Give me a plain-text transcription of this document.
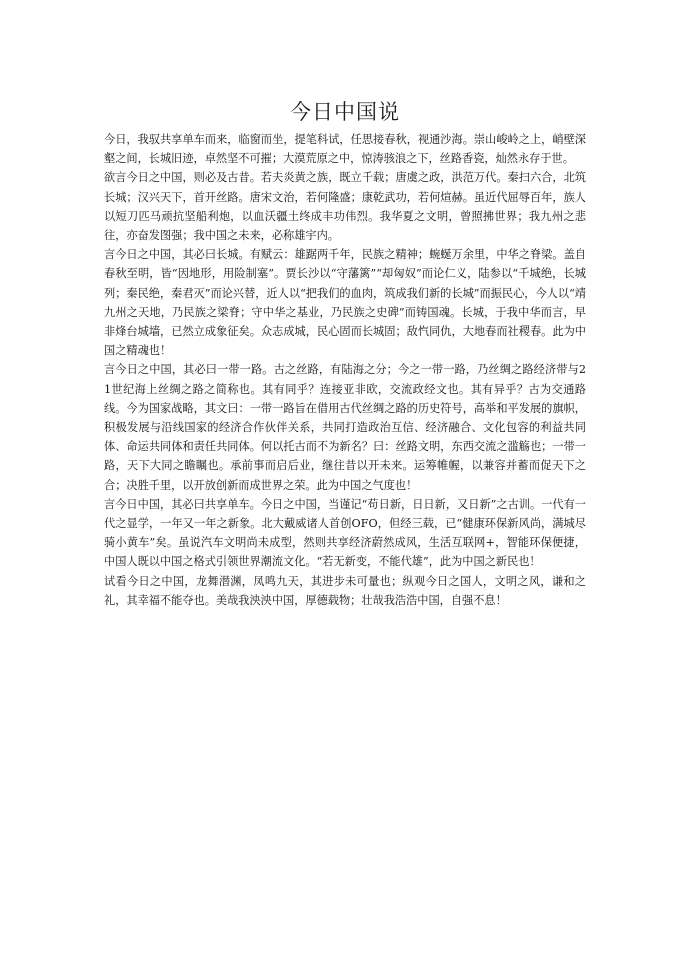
今日中国说

今日，我驭共享单车而来，临窗而坐，提笔科试，任思接春秋，视通沙海。崇山峻岭之上，峭壁深壑之间，长城旧迹，卓然坚不可摧；大漠荒原之中，惊涛骇浪之下，丝路香瓷，灿然永存于世。

欲言今日之中国，则必及古昔。若夫炎黄之族，既立千载；唐虞之政，洪范万代。秦扫六合，北筑长城；汉兴天下，首开丝路。唐宋文治，若何隆盛；康乾武功，若何煊赫。虽近代屈辱百年，族人以短刀匹马顽抗坚船利炮，以血沃疆土终成丰功伟烈。我华夏之文明，曾照拂世界；我九州之悲往，亦奋发图强；我中国之未来，必称雄宇内。

言今日之中国，其必曰长城。有赋云：雄踞两千年，民族之精神；蜿蜒万余里，中华之脊梁。盖自春秋至明，皆“因地形，用险制塞”。贾长沙以“守藩篱”“却匈奴”而论仁义，陆参以“千城绝，长城列；秦民绝，秦君灭”而论兴替，近人以“把我们的血肉，筑成我们新的长城”而振民心，今人以“靖九州之天地，乃民族之梁脊；守中华之基业，乃民族之史碑”而铸国魂。长城，于我中华而言，早非烽台城墙，已然立成象征矣。众志成城，民心固而长城固；敌忾同仇，大地春而社稷春。此为中国之精魂也！

言今日之中国，其必曰一带一路。古之丝路，有陆海之分；今之一带一路，乃丝绸之路经济带与21世纪海上丝绸之路之简称也。其有同乎？连接亚非欧，交流政经文也。其有异乎？古为交通路线。今为国家战略，其文曰：一带一路旨在借用古代丝绸之路的历史符号，高举和平发展的旗帜，积极发展与沿线国家的经济合作伙伴关系，共同打造政治互信、经济融合、文化包容的利益共同体、命运共同体和责任共同体。何以托古而不为新名？曰：丝路文明，东西交流之滥觞也；一带一路，天下大同之瞻瞩也。承前事而启后业，继往昔以开未来。运筹帷幄，以兼容并蓄而促天下之合；决胜千里，以开放创新而成世界之荣。此为中国之气度也！

言今日中国，其必曰共享单车。今日之中国，当谨记“苟日新，日日新，又日新”之古训。一代有一代之显学，一年又一年之新象。北大戴威诸人首创OFO，但经三载，已“健康环保新风尚，满城尽骑小黄车”矣。虽说汽车文明尚未成型，然则共享经济蔚然成风，生活互联网+，智能环保便捷，中国人既以中国之格式引领世界潮流文化。“若无新变，不能代雄”，此为中国之新民也！

试看今日之中国，龙舞潜渊，凤鸣九天，其进步未可量也；纵观今日之国人，文明之风，谦和之礼，其幸福不能夺也。美哉我泱泱中国，厚德载物；壮哉我浩浩中国，自强不息！
